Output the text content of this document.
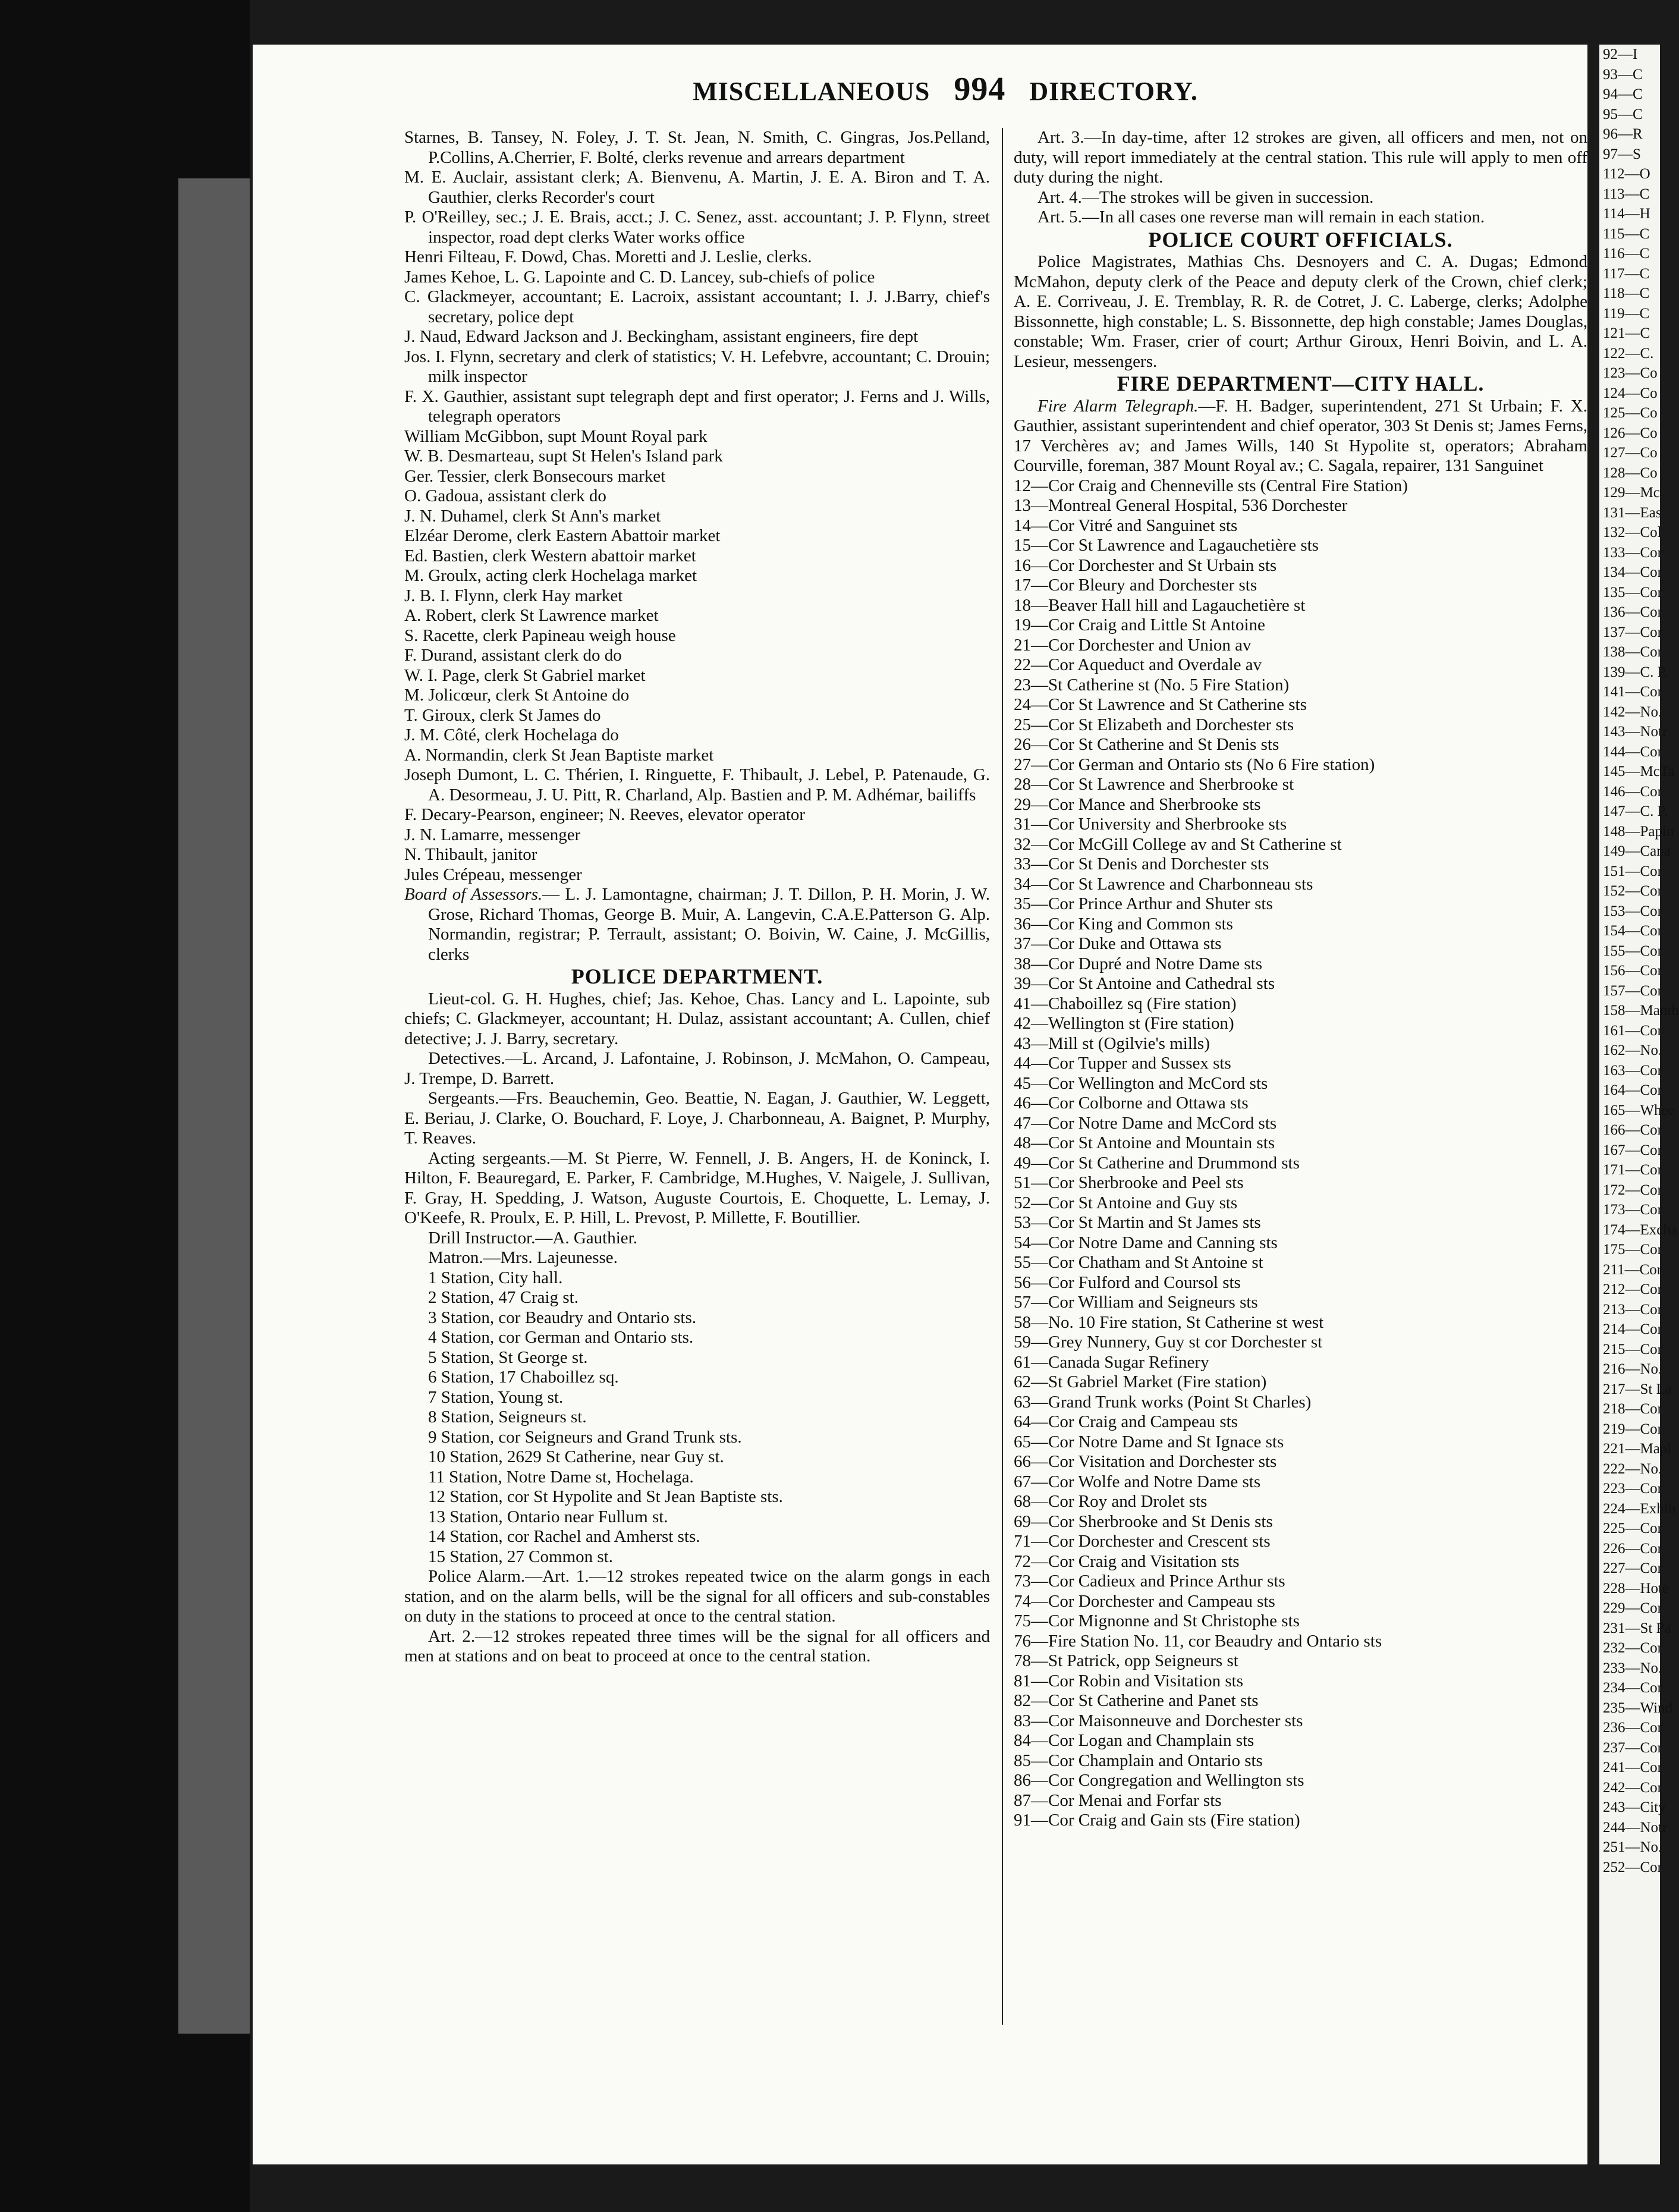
92—I
93—C
94—C
95—C
96—R
97—S
112—O
113—C
114—H
115—C
116—C
117—C
118—C
119—C
121—C
122—C.
123—Co
124—Co
125—Co
126—Co
127—Co
128—Co
129—Mc
131—Eas
132—Col
133—Cor
134—Cor
135—Cor
136—Cor
137—Cor
138—Cor
139—C. P.
141—Cor
142—No.
143—Notr
144—Cor
145—McTa
146—Cor
147—C. P.
148—Papin
149—Cana
151—Cor
152—Cor
153—Cor
154—Cor
155—Cor
156—Cor
157—Cor
158—Manth
161—Cor
162—No.
163—Cor
164—Cor
165—Whee
166—Cor
167—Cor
171—Cor
172—Cor
173—Cor
174—Excha
175—Cor
211—Cor
212—Cor
213—Cor
214—Cor
215—Cor
216—No.
217—St La
218—Cor
219—Cor
221—Mapl
222—No.
223—Cor
224—Exhib
225—Cor
226—Cor
227—Cor
228—Hote
229—Cor
231—St Pa
232—Cor
233—No.
234—Cor
235—Wind
236—Cor
237—Cor
241—Cor
242—Cor
243—City
244—Notr
251—No.
252—Cor
MISCELLANEOUS 994 DIRECTORY.
Starnes, B. Tansey, N. Foley, J. T. St. Jean, N. Smith, C. Gingras, Jos.Pelland, P.Collins, A.Cherrier, F. Bolté, clerks revenue and arrears department
M. E. Auclair, assistant clerk; A. Bienvenu, A. Martin, J. E. A. Biron and T. A. Gauthier, clerks Recorder's court
P. O'Reilley, sec.; J. E. Brais, acct.; J. C. Senez, asst. accountant; J. P. Flynn, street inspector, road dept clerks Water works office
Henri Filteau, F. Dowd, Chas. Moretti and J. Leslie, clerks.
James Kehoe, L. G. Lapointe and C. D. Lancey, sub-chiefs of police
C. Glackmeyer, accountant; E. Lacroix, assistant accountant; I. J. J.Barry, chief's secretary, police dept
J. Naud, Edward Jackson and J. Beckingham, assistant engineers, fire dept
Jos. I. Flynn, secretary and clerk of statistics; V. H. Lefebvre, accountant; C. Drouin; milk inspector
F. X. Gauthier, assistant supt telegraph dept and first operator; J. Ferns and J. Wills, telegraph operators
William McGibbon, supt Mount Royal park
W. B. Desmarteau, supt St Helen's Island park
Ger. Tessier, clerk Bonsecours market
O. Gadoua, assistant clerk do
J. N. Duhamel, clerk St Ann's market
Elzéar Derome, clerk Eastern Abattoir market
Ed. Bastien, clerk Western abattoir market
M. Groulx, acting clerk Hochelaga market
J. B. I. Flynn, clerk Hay market
A. Robert, clerk St Lawrence market
S. Racette, clerk Papineau weigh house
F. Durand, assistant clerk do do
W. I. Page, clerk St Gabriel market
M. Jolicœur, clerk St Antoine do
T. Giroux, clerk St James do
J. M. Côté, clerk Hochelaga do
A. Normandin, clerk St Jean Baptiste market
Joseph Dumont, L. C. Thérien, I. Ringuette, F. Thibault, J. Lebel, P. Patenaude, G. A. Desormeau, J. U. Pitt, R. Charland, Alp. Bastien and P. M. Adhémar, bailiffs
F. Decary-Pearson, engineer; N. Reeves, elevator operator
J. N. Lamarre, messenger
N. Thibault, janitor
Jules Crépeau, messenger
Board of Assessors.— L. J. Lamontagne, chairman; J. T. Dillon, P. H. Morin, J. W. Grose, Richard Thomas, George B. Muir, A. Langevin, C.A.E.Patterson G. Alp. Normandin, registrar; P. Terrault, assistant; O. Boivin, W. Caine, J. McGillis, clerks
POLICE DEPARTMENT.
Lieut-col. G. H. Hughes, chief; Jas. Kehoe, Chas. Lancy and L. Lapointe, sub chiefs; C. Glackmeyer, accountant; H. Dulaz, assistant accountant; A. Cullen, chief detective; J. J. Barry, secretary.
Detectives.—L. Arcand, J. Lafontaine, J. Robinson, J. McMahon, O. Campeau, J. Trempe, D. Barrett.
Sergeants.—Frs. Beauchemin, Geo. Beattie, N. Eagan, J. Gauthier, W. Leggett, E. Beriau, J. Clarke, O. Bouchard, F. Loye, J. Charbonneau, A. Baignet, P. Murphy, T. Reaves.
Acting sergeants.—M. St Pierre, W. Fennell, J. B. Angers, H. de Koninck, I. Hilton, F. Beauregard, E. Parker, F. Cambridge, M.Hughes, V. Naigele, J. Sullivan, F. Gray, H. Spedding, J. Watson, Auguste Courtois, E. Choquette, L. Lemay, J. O'Keefe, R. Proulx, E. P. Hill, L. Prevost, P. Millette, F. Boutillier.
Drill Instructor.—A. Gauthier.
Matron.—Mrs. Lajeunesse.
1 Station, City hall.
2 Station, 47 Craig st.
3 Station, cor Beaudry and Ontario sts.
4 Station, cor German and Ontario sts.
5 Station, St George st.
6 Station, 17 Chaboillez sq.
7 Station, Young st.
8 Station, Seigneurs st.
9 Station, cor Seigneurs and Grand Trunk sts.
10 Station, 2629 St Catherine, near Guy st.
11 Station, Notre Dame st, Hochelaga.
12 Station, cor St Hypolite and St Jean Baptiste sts.
13 Station, Ontario near Fullum st.
14 Station, cor Rachel and Amherst sts.
15 Station, 27 Common st.
Police Alarm.—Art. 1.—12 strokes repeated twice on the alarm gongs in each station, and on the alarm bells, will be the signal for all officers and sub-constables on duty in the stations to proceed at once to the central station.
Art. 2.—12 strokes repeated three times will be the signal for all officers and men at stations and on beat to proceed at once to the central station.
Art. 3.—In day-time, after 12 strokes are given, all officers and men, not on duty, will report immediately at the central station. This rule will apply to men off duty during the night.
Art. 4.—The strokes will be given in succession.
Art. 5.—In all cases one reverse man will remain in each station.
POLICE COURT OFFICIALS.
Police Magistrates, Mathias Chs. Desnoyers and C. A. Dugas; Edmond McMahon, deputy clerk of the Peace and deputy clerk of the Crown, chief clerk; A. E. Corriveau, J. E. Tremblay, R. R. de Cotret, J. C. Laberge, clerks; Adolphe Bissonnette, high constable; L. S. Bissonnette, dep high constable; James Douglas, constable; Wm. Fraser, crier of court; Arthur Giroux, Henri Boivin, and L. A. Lesieur, messengers.
FIRE DEPARTMENT—CITY HALL.
Fire Alarm Telegraph.—F. H. Badger, superintendent, 271 St Urbain; F. X. Gauthier, assistant superintendent and chief operator, 303 St Denis st; James Ferns, 17 Verchères av; and James Wills, 140 St Hypolite st, operators; Abraham Courville, foreman, 387 Mount Royal av.; C. Sagala, repairer, 131 Sanguinet
12—Cor Craig and Chenneville sts (Central Fire Station)
13—Montreal General Hospital, 536 Dorchester
14—Cor Vitré and Sanguinet sts
15—Cor St Lawrence and Lagauchetière sts
16—Cor Dorchester and St Urbain sts
17—Cor Bleury and Dorchester sts
18—Beaver Hall hill and Lagauchetière st
19—Cor Craig and Little St Antoine
21—Cor Dorchester and Union av
22—Cor Aqueduct and Overdale av
23—St Catherine st (No. 5 Fire Station)
24—Cor St Lawrence and St Catherine sts
25—Cor St Elizabeth and Dorchester sts
26—Cor St Catherine and St Denis sts
27—Cor German and Ontario sts (No 6 Fire station)
28—Cor St Lawrence and Sherbrooke st
29—Cor Mance and Sherbrooke sts
31—Cor University and Sherbrooke sts
32—Cor McGill College av and St Catherine st
33—Cor St Denis and Dorchester sts
34—Cor St Lawrence and Charbonneau sts
35—Cor Prince Arthur and Shuter sts
36—Cor King and Common sts
37—Cor Duke and Ottawa sts
38—Cor Dupré and Notre Dame sts
39—Cor St Antoine and Cathedral sts
41—Chaboillez sq (Fire station)
42—Wellington st (Fire station)
43—Mill st (Ogilvie's mills)
44—Cor Tupper and Sussex sts
45—Cor Wellington and McCord sts
46—Cor Colborne and Ottawa sts
47—Cor Notre Dame and McCord sts
48—Cor St Antoine and Mountain sts
49—Cor St Catherine and Drummond sts
51—Cor Sherbrooke and Peel sts
52—Cor St Antoine and Guy sts
53—Cor St Martin and St James sts
54—Cor Notre Dame and Canning sts
55—Cor Chatham and St Antoine st
56—Cor Fulford and Coursol sts
57—Cor William and Seigneurs sts
58—No. 10 Fire station, St Catherine st west
59—Grey Nunnery, Guy st cor Dorchester st
61—Canada Sugar Refinery
62—St Gabriel Market (Fire station)
63—Grand Trunk works (Point St Charles)
64—Cor Craig and Campeau sts
65—Cor Notre Dame and St Ignace sts
66—Cor Visitation and Dorchester sts
67—Cor Wolfe and Notre Dame sts
68—Cor Roy and Drolet sts
69—Cor Sherbrooke and St Denis sts
71—Cor Dorchester and Crescent sts
72—Cor Craig and Visitation sts
73—Cor Cadieux and Prince Arthur sts
74—Cor Dorchester and Campeau sts
75—Cor Mignonne and St Christophe sts
76—Fire Station No. 11, cor Beaudry and Ontario sts
78—St Patrick, opp Seigneurs st
81—Cor Robin and Visitation sts
82—Cor St Catherine and Panet sts
83—Cor Maisonneuve and Dorchester sts
84—Cor Logan and Champlain sts
85—Cor Champlain and Ontario sts
86—Cor Congregation and Wellington sts
87—Cor Menai and Forfar sts
91—Cor Craig and Gain sts (Fire station)
